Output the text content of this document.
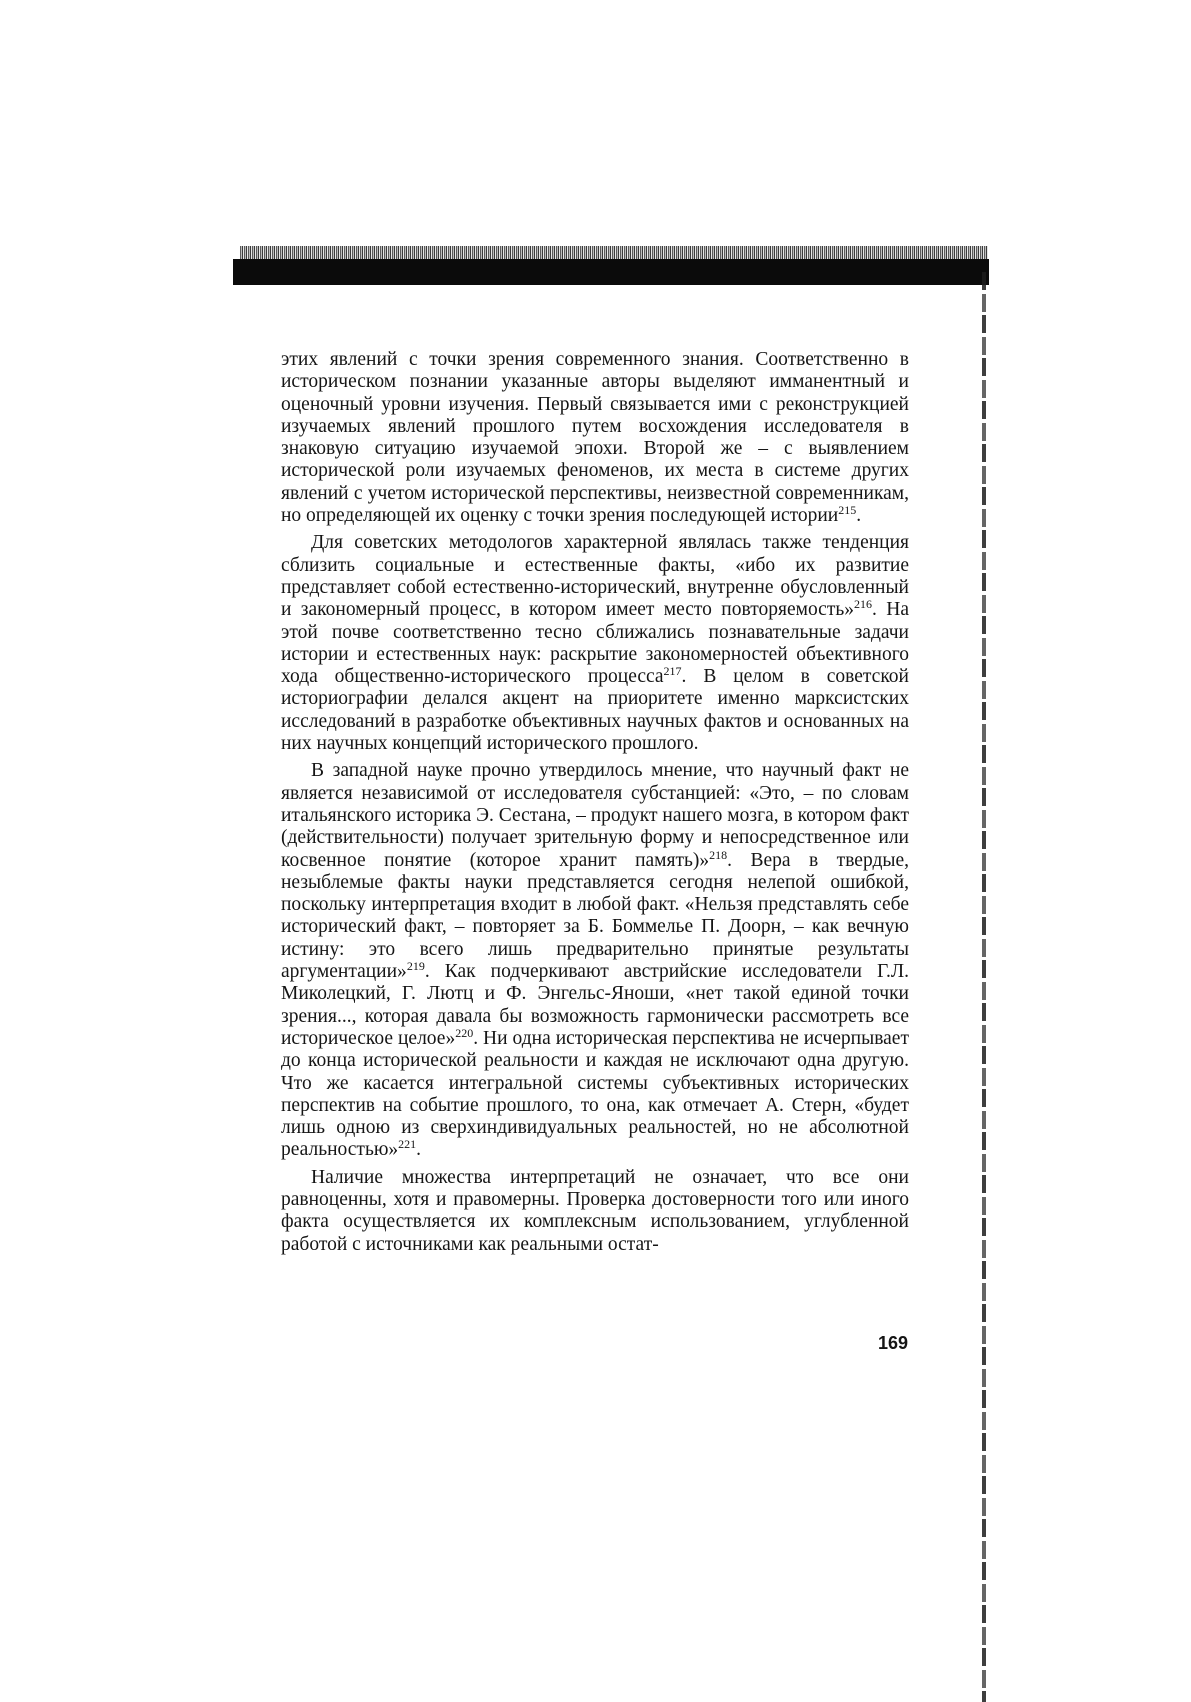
этих явлений с точки зрения современного знания. Соответственно в историческом познании указанные авторы выделяют имманентный и оценочный уровни изучения. Первый связывается ими с реконструкцией изучаемых явлений прошлого путем восхождения исследователя в знаковую ситуацию изучаемой эпохи. Второй же – с выявлением исторической роли изучаемых феноменов, их места в системе других явлений с учетом исторической перспективы, неизвестной современникам, но определяющей их оценку с точки зрения последующей истории$^{215}$.

Для советских методологов характерной являлась также тенденция сблизить социальные и естественные факты, «ибо их развитие представляет собой естественно-исторический, внутренне обусловленный и закономерный процесс, в котором имеет место повторяемость»$^{216}$. На этой почве соответственно тесно сближались познавательные задачи истории и естественных наук: раскрытие закономерностей объективного хода общественно-исторического процесса$^{217}$. В целом в советской историографии делался акцент на приоритете именно марксистских исследований в разработке объективных научных фактов и основанных на них научных концепций исторического прошлого.

В западной науке прочно утвердилось мнение, что научный факт не является независимой от исследователя субстанцией: «Это, – по словам итальянского историка Э. Сестана, – продукт нашего мозга, в котором факт (действительности) получает зрительную форму и непосредственное или косвенное понятие (которое хранит память)»$^{218}$. Вера в твердые, незыблемые факты науки представляется сегодня нелепой ошибкой, поскольку интерпретация входит в любой факт. «Нельзя представлять себе исторический факт, – повторяет за Б. Боммелье П. Доорн, – как вечную истину: это всего лишь предварительно принятые результаты аргументации»$^{219}$. Как подчеркивают австрийские исследователи Г.Л. Миколецкий, Г. Лютц и Ф. Энгельс-Яноши, «нет такой единой точки зрения..., которая давала бы возможность гармонически рассмотреть все историческое целое»$^{220}$. Ни одна историческая перспектива не исчерпывает до конца исторической реальности и каждая не исключают одна другую. Что же касается интегральной системы субъективных исторических перспектив на событие прошлого, то она, как отмечает А. Стерн, «будет лишь одною из сверхиндивидуальных реальностей, но не абсолютной реальностью»$^{221}$.

Наличие множества интерпретаций не означает, что все они равноценны, хотя и правомерны. Проверка достоверности того или иного факта осуществляется их комплексным использованием, углубленной работой с источниками как реальными остат-

169
